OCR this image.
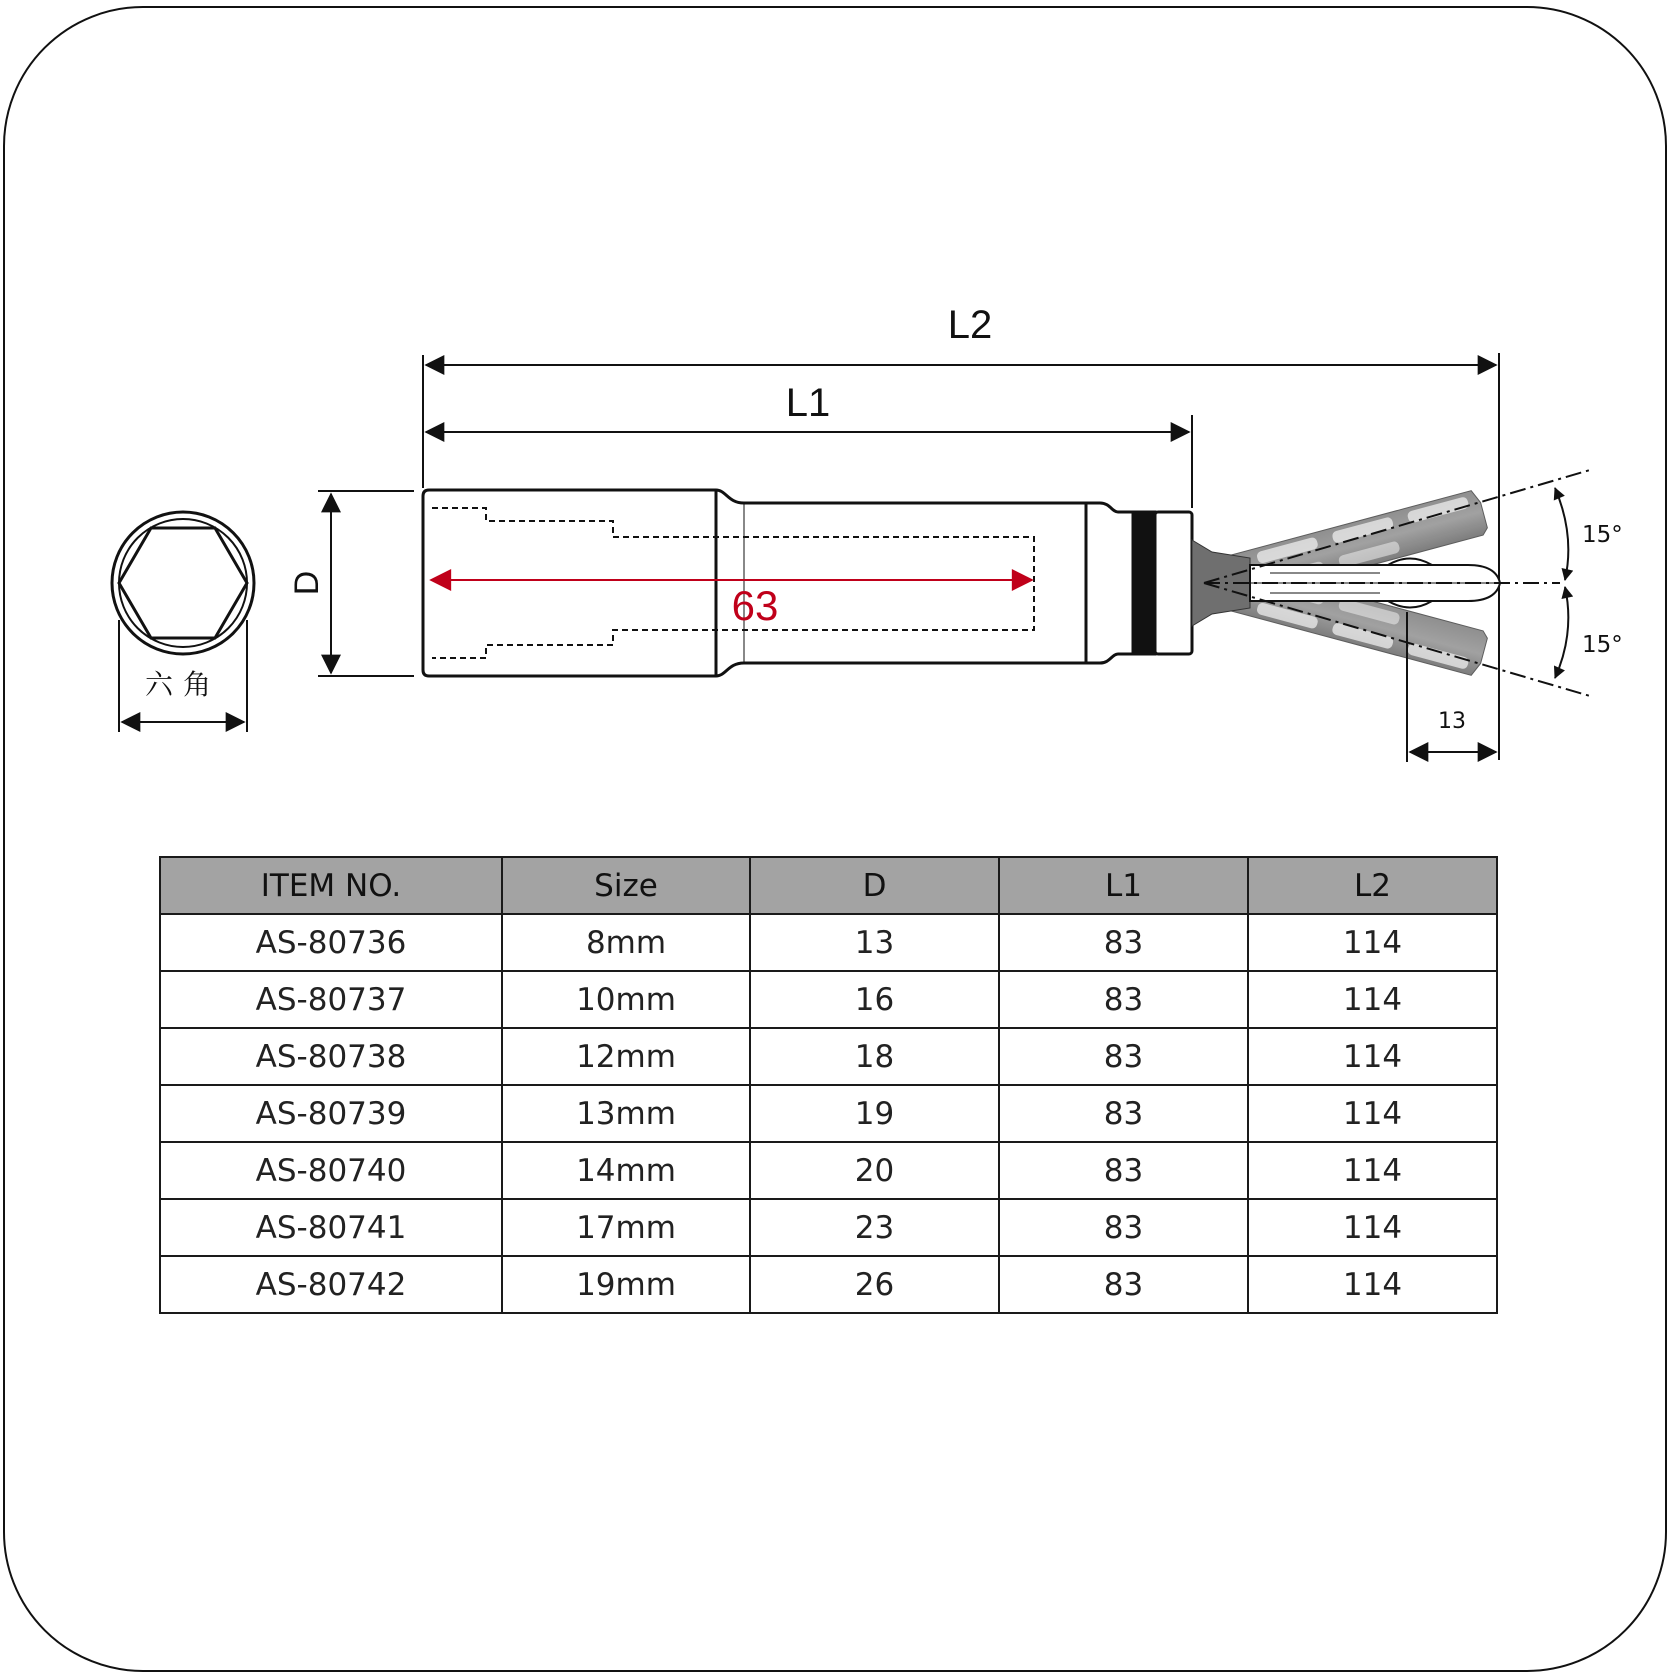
六角
D
L2
L1
63
15°
15°
13
ITEM NO.	Size	D	L1	L2
AS-80736	8mm	13	83	114
AS-80737	10mm	16	83	114
AS-80738	12mm	18	83	114
AS-80739	13mm	19	83	114
AS-80740	14mm	20	83	114
AS-80741	17mm	23	83	114
AS-80742	19mm	26	83	114
